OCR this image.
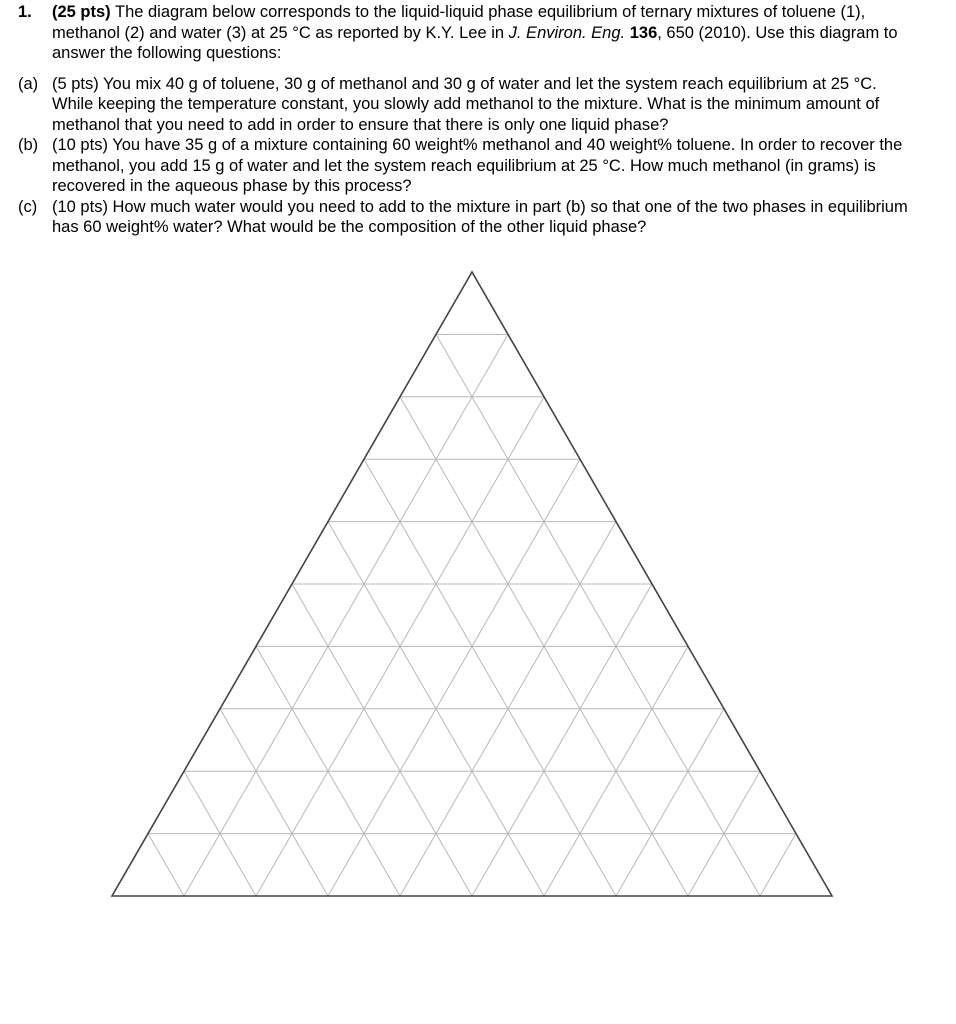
1.	(25 pts) The diagram below corresponds to the liquid-liquid phase equilibrium of ternary mixtures of toluene (1), methanol (2) and water (3) at 25 °C as reported by K.Y. Lee in J. Environ. Eng. 136, 650 (2010). Use this diagram to answer the following questions:
(a) (5 pts) You mix 40 g of toluene, 30 g of methanol and 30 g of water and let the system reach equilibrium at 25 °C. While keeping the temperature constant, you slowly add methanol to the mixture. What is the minimum amount of methanol that you need to add in order to ensure that there is only one liquid phase?
(b) (10 pts) You have 35 g of a mixture containing 60 weight% methanol and 40 weight% toluene. In order to recover the methanol, you add 15 g of water and let the system reach equilibrium at 25 °C. How much methanol (in grams) is recovered in the aqueous phase by this process?
(c) (10 pts) How much water would you need to add to the mixture in part (b) so that one of the two phases in equilibrium has 60 weight% water? What would be the composition of the other liquid phase?
